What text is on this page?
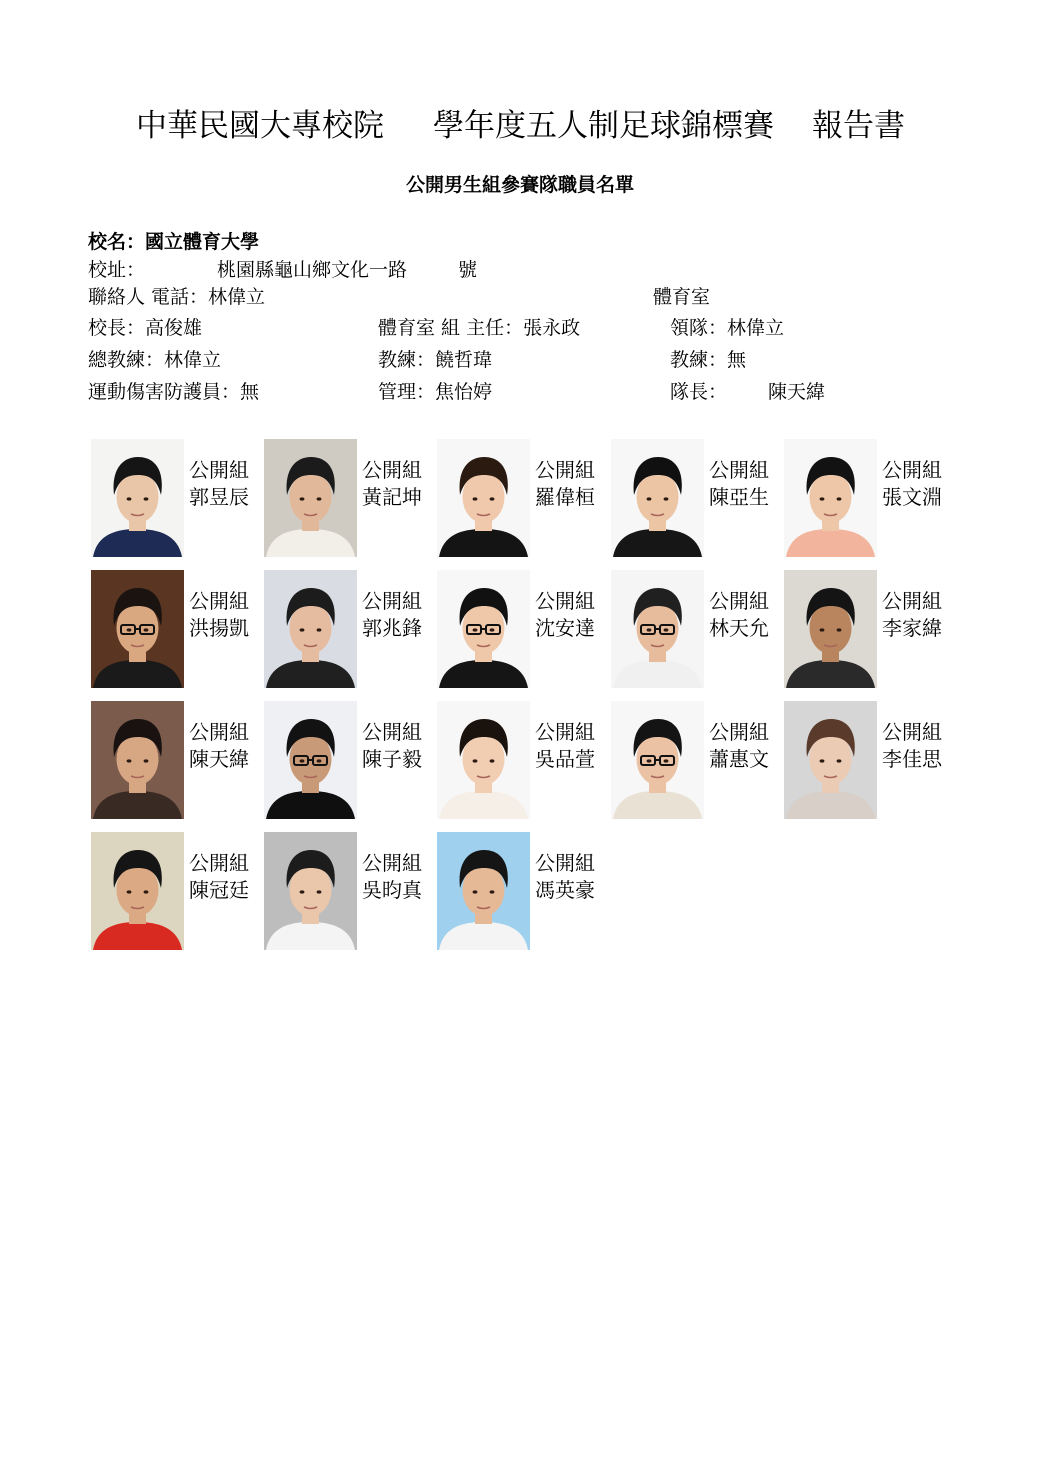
中華民國大專校院 學年度五人制足球錦標賽 報告書
公開男生組參賽隊職員名單
校名：國立體育大學
校址：	桃園縣龜山鄉文化一路	號
聯絡人 電話：林偉立	體育室
校長：高俊雄	體育室 組 主任：張永政	領隊：林偉立
總教練：林偉立	教練：饒哲瑋	教練：無
運動傷害防護員：無	管理：焦怡婷	隊長： 陳天緯
公開組
郭昱辰
公開組
黃記坤
公開組
羅偉桓
公開組
陳亞生
公開組
張文淵
公開組
洪揚凱
公開組
郭兆鋒
公開組
沈安達
公開組
林天允
公開組
李家緯
公開組
陳天緯
公開組
陳子毅
公開組
吳品萱
公開組
蕭惠文
公開組
李佳思
公開組
陳冠廷
公開組
吳昀真
公開組
馮英豪
